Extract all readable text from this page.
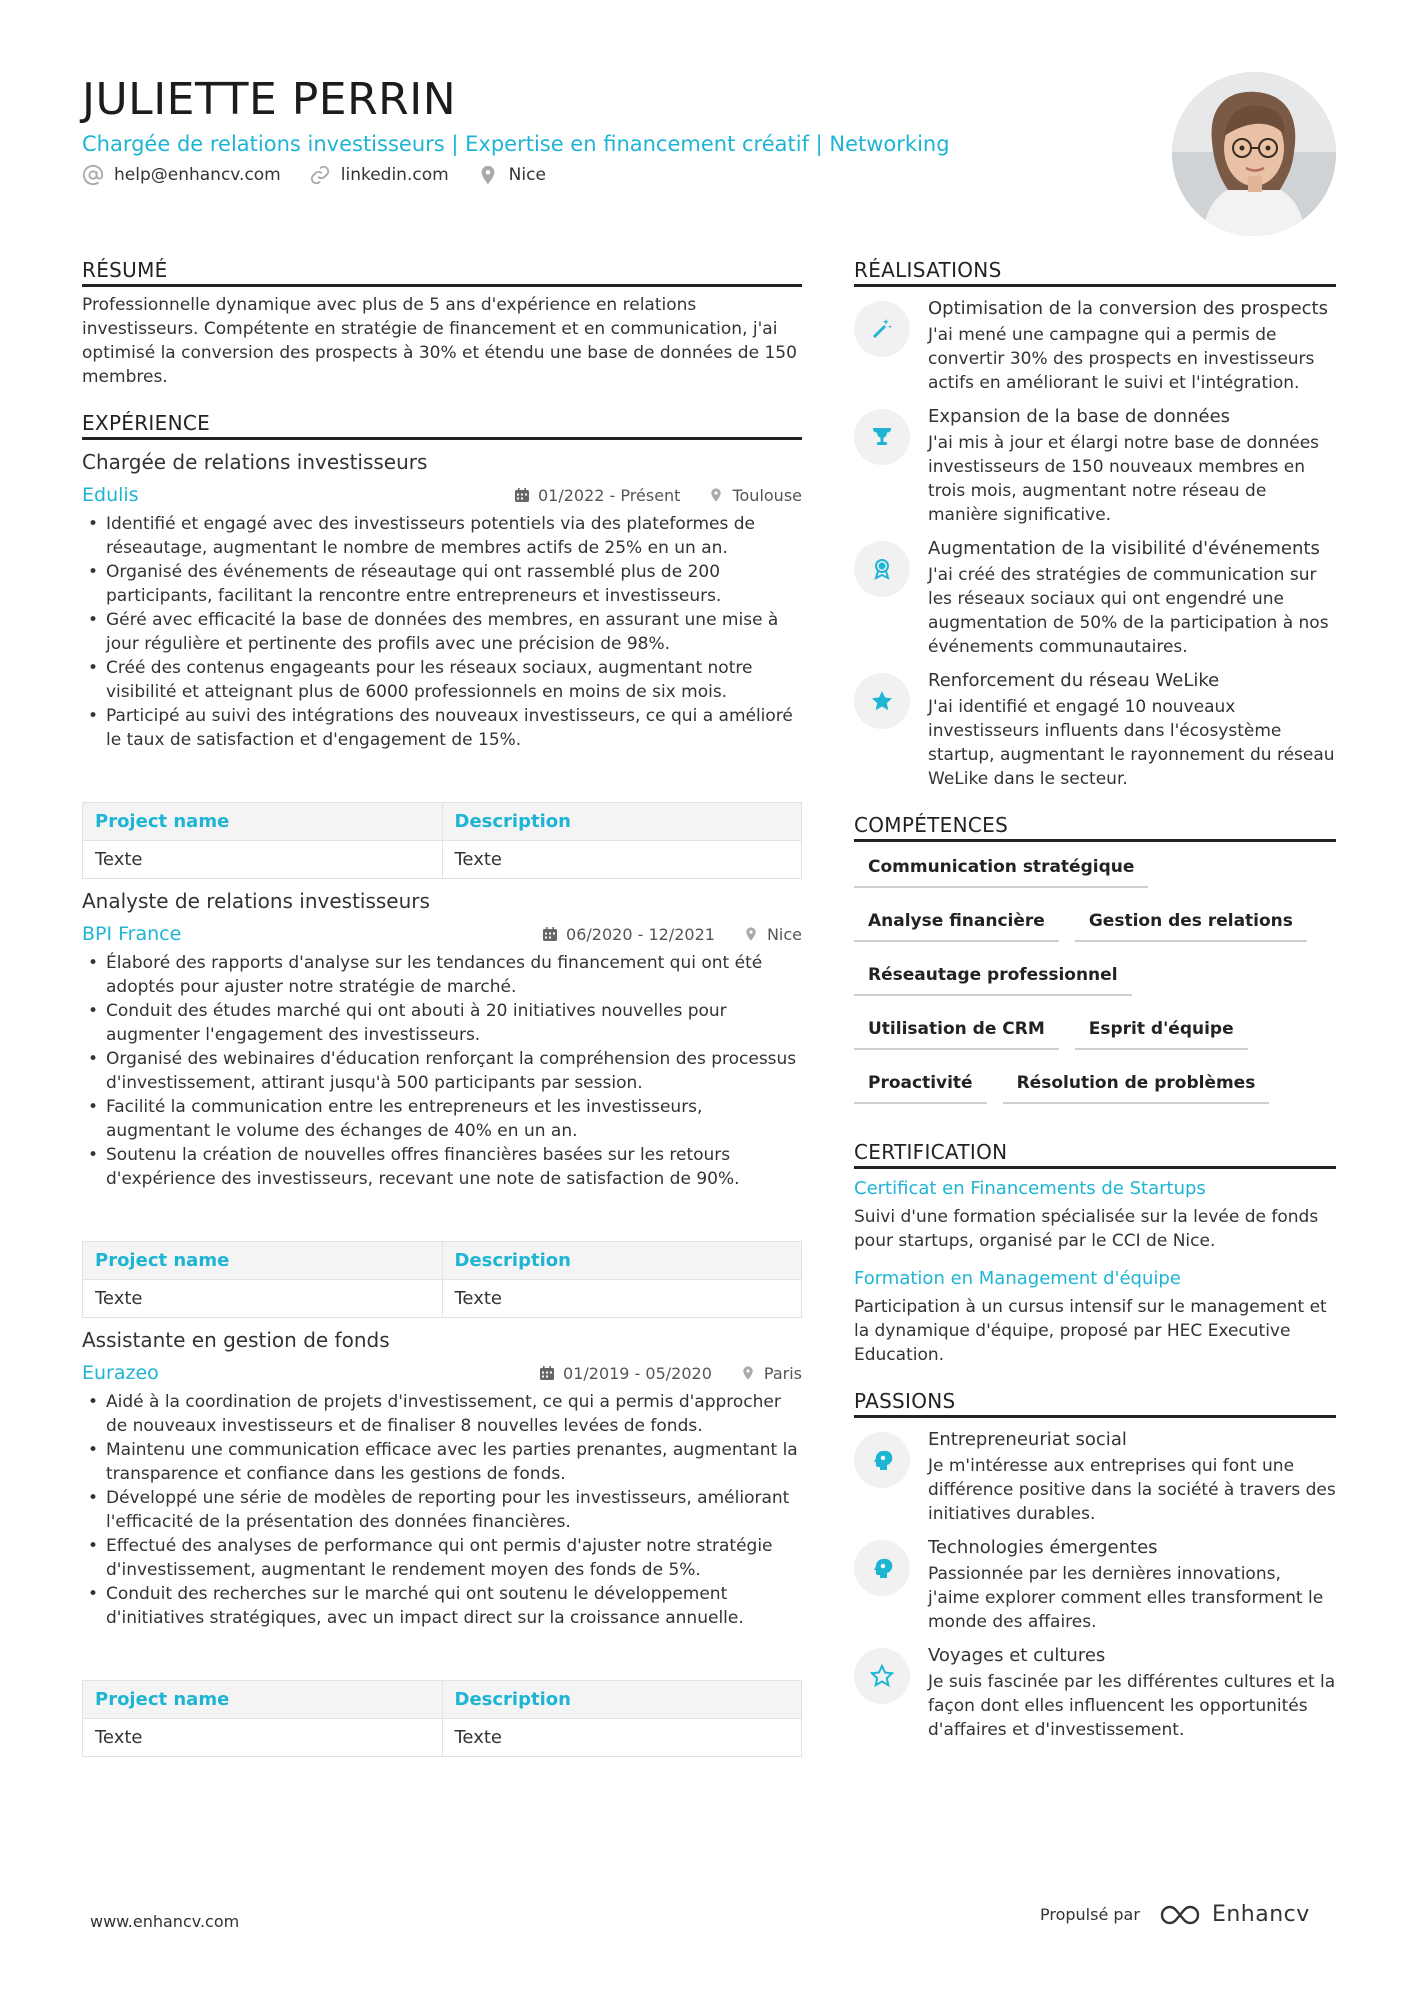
JULIETTE PERRIN
Chargée de relations investisseurs | Expertise en financement créatif | Networking
help@enhancv.com	linkedin.com	Nice
RÉSUMÉ
Professionnelle dynamique avec plus de 5 ans d'expérience en relations investisseurs. Compétente en stratégie de financement et en communication, j'ai optimisé la conversion des prospects à 30% et étendu une base de données de 150 membres.
EXPÉRIENCE
Chargée de relations investisseurs
Edulis	01/2022 - Présent	Toulouse
• Identifié et engagé avec des investisseurs potentiels via des plateformes de réseautage, augmentant le nombre de membres actifs de 25% en un an.
• Organisé des événements de réseautage qui ont rassemblé plus de 200 participants, facilitant la rencontre entre entrepreneurs et investisseurs.
• Géré avec efficacité la base de données des membres, en assurant une mise à jour régulière et pertinente des profils avec une précision de 98%.
• Créé des contenus engageants pour les réseaux sociaux, augmentant notre visibilité et atteignant plus de 6000 professionnels en moins de six mois.
• Participé au suivi des intégrations des nouveaux investisseurs, ce qui a amélioré le taux de satisfaction et d'engagement de 15%.
Project name	Description
Texte	Texte
Analyste de relations investisseurs
BPI France	06/2020 - 12/2021	Nice
• Élaboré des rapports d'analyse sur les tendances du financement qui ont été adoptés pour ajuster notre stratégie de marché.
• Conduit des études marché qui ont abouti à 20 initiatives nouvelles pour augmenter l'engagement des investisseurs.
• Organisé des webinaires d'éducation renforçant la compréhension des processus d'investissement, attirant jusqu'à 500 participants par session.
• Facilité la communication entre les entrepreneurs et les investisseurs, augmentant le volume des échanges de 40% en un an.
• Soutenu la création de nouvelles offres financières basées sur les retours d'expérience des investisseurs, recevant une note de satisfaction de 90%.
Project name	Description
Texte	Texte
Assistante en gestion de fonds
Eurazeo	01/2019 - 05/2020	Paris
• Aidé à la coordination de projets d'investissement, ce qui a permis d'approcher de nouveaux investisseurs et de finaliser 8 nouvelles levées de fonds.
• Maintenu une communication efficace avec les parties prenantes, augmentant la transparence et confiance dans les gestions de fonds.
• Développé une série de modèles de reporting pour les investisseurs, améliorant l'efficacité de la présentation des données financières.
• Effectué des analyses de performance qui ont permis d'ajuster notre stratégie d'investissement, augmentant le rendement moyen des fonds de 5%.
• Conduit des recherches sur le marché qui ont soutenu le développement d'initiatives stratégiques, avec un impact direct sur la croissance annuelle.
Project name	Description
Texte	Texte
RÉALISATIONS
Optimisation de la conversion des prospects
J'ai mené une campagne qui a permis de convertir 30% des prospects en investisseurs actifs en améliorant le suivi et l'intégration.
Expansion de la base de données
J'ai mis à jour et élargi notre base de données investisseurs de 150 nouveaux membres en trois mois, augmentant notre réseau de manière significative.
Augmentation de la visibilité d'événements
J'ai créé des stratégies de communication sur les réseaux sociaux qui ont engendré une augmentation de 50% de la participation à nos événements communautaires.
Renforcement du réseau WeLike
J'ai identifié et engagé 10 nouveaux investisseurs influents dans l'écosystème startup, augmentant le rayonnement du réseau WeLike dans le secteur.
COMPÉTENCES
Communication stratégique
Analyse financière	Gestion des relations
Réseautage professionnel
Utilisation de CRM	Esprit d'équipe
Proactivité	Résolution de problèmes
CERTIFICATION
Certificat en Financements de Startups
Suivi d'une formation spécialisée sur la levée de fonds pour startups, organisé par le CCI de Nice.
Formation en Management d'équipe
Participation à un cursus intensif sur le management et la dynamique d'équipe, proposé par HEC Executive Education.
PASSIONS
Entrepreneuriat social
Je m'intéresse aux entreprises qui font une différence positive dans la société à travers des initiatives durables.
Technologies émergentes
Passionnée par les dernières innovations, j'aime explorer comment elles transforment le monde des affaires.
Voyages et cultures
Je suis fascinée par les différentes cultures et la façon dont elles influencent les opportunités d'affaires et d'investissement.
www.enhancv.com	Propulsé par	Enhancv
